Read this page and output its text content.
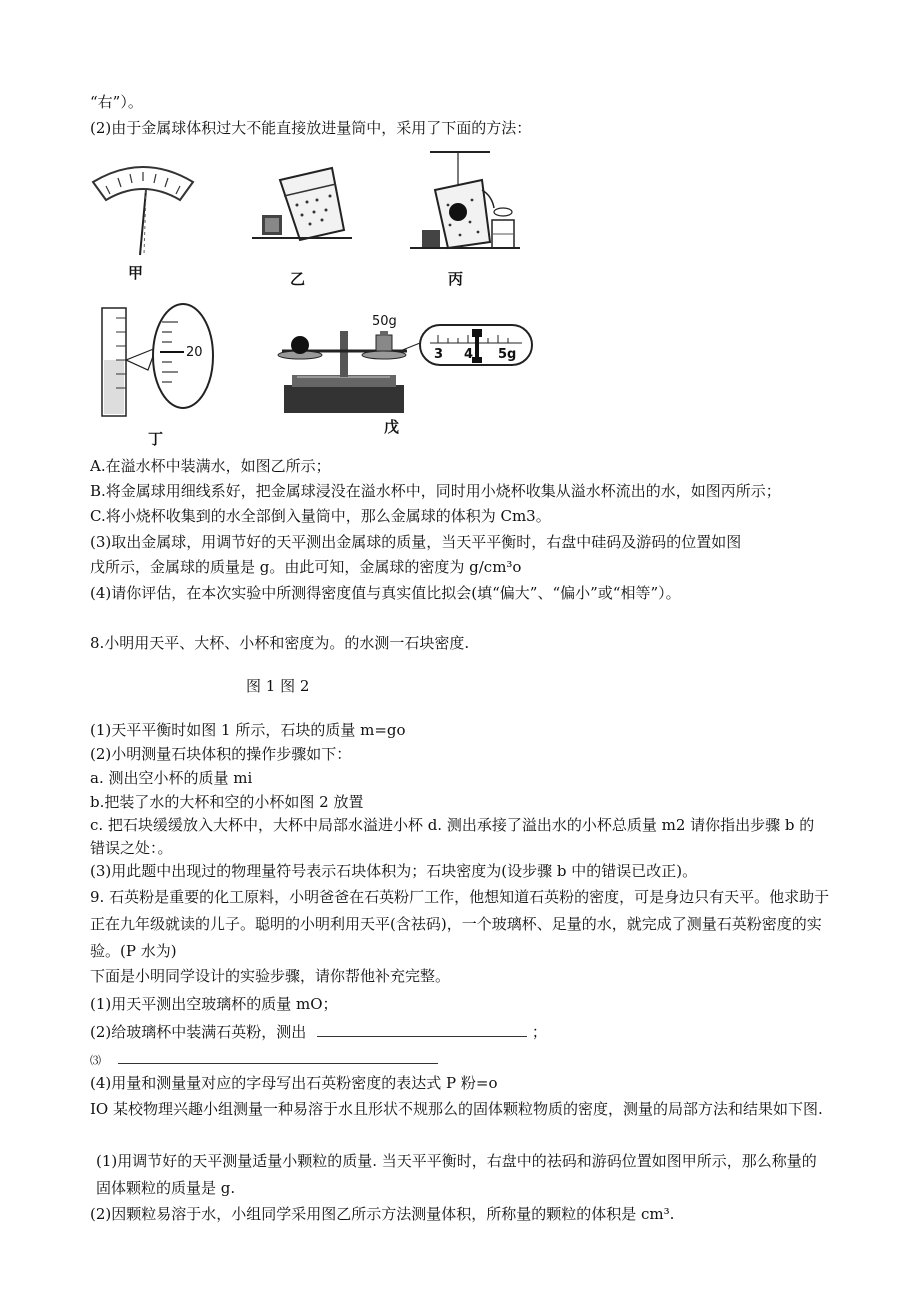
“右”）。
(2)由于金属球体积过大不能直接放进量筒中，采用了下面的方法：
甲	乙	丙
20
丁
50g
3 4 5g
戊
A.在溢水杯中装满水，如图乙所示；
B.将金属球用细线系好，把金属球浸没在溢水杯中，同时用小烧杯收集从溢水杯流出的水，如图丙所示；
C.将小烧杯收集到的水全部倒入量筒中，那么金属球的体积为 Cm3。
(3)取出金属球，用调节好的天平测出金属球的质量，当天平平衡时，右盘中硅码及游码的位置如图
戊所示，金属球的质量是 g。由此可知，金属球的密度为 g/cm³o
(4)请你评估，在本次实验中所测得密度值与真实值比拟会(填“偏大”、“偏小”或“相等”）。
8.小明用天平、大杯、小杯和密度为。的水测一石块密度.
图 1 图 2
(1)天平平衡时如图 1 所示，石块的质量 m=go
(2)小明测量石块体积的操作步骤如下：
a. 测出空小杯的质量 mi
b.把装了水的大杯和空的小杯如图 2 放置
c. 把石块缓缓放入大杯中，大杯中局部水溢进小杯 d. 测出承接了溢出水的小杯总质量 m2 请你指出步骤 b 的
错误之处：。
(3)用此题中出现过的物理量符号表示石块体积为；石块密度为(设步骤 b 中的错误已改正)。
9. 石英粉是重要的化工原料，小明爸爸在石英粉厂工作，他想知道石英粉的密度，可是身边只有天平。他求助于正在九年级就读的儿子。聪明的小明利用天平(含祛码)，一个玻璃杯、足量的水，就完成了测量石英粉密度的实验。(P 水为)
下面是小明同学设计的实验步骤，请你帮他补充完整。
(1)用天平测出空玻璃杯的质量 mO；
(2)给玻璃杯中装满石英粉，测出	；
⑶
(4)用量和测量量对应的字母写出石英粉密度的表达式 P 粉=o
IO 某校物理兴趣小组测量一种易溶于水且形状不规那么的固体颗粒物质的密度，测量的局部方法和结果如下图.
(1)用调节好的天平测量适量小颗粒的质量. 当天平平衡时，右盘中的祛码和游码位置如图甲所示，那么称量的固体颗粒的质量是 g.
(2)因颗粒易溶于水，小组同学采用图乙所示方法测量体积，所称量的颗粒的体积是 cm³.
